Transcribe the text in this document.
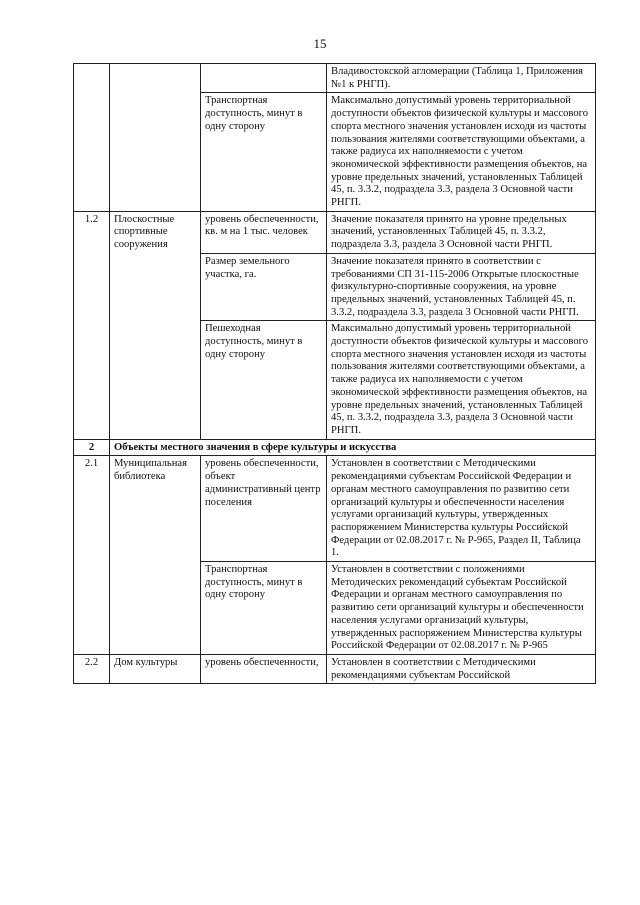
15
			Владивостокской агломерации (Таблица 1, Приложения №1 к РНГП).
		Транспортная доступность, минут в одну сторону	Максимально допустимый уровень территориальной доступности объектов физической культуры и массового спорта местного значения установлен исходя из частоты пользования жителями соответствующими объектами, а также радиуса их наполняемости с учетом экономической эффективности размещения объектов, на уровне предельных значений, установленных Таблицей 45, п. 3.3.2, подраздела 3.3, раздела 3 Основной части РНГП.
1.2	Плоскостные спортивные сооружения	уровень обеспеченности, кв. м на 1 тыс. человек	Значение показателя принято на уровне предельных значений, установленных Таблицей 45, п. 3.3.2, подраздела 3.3, раздела 3 Основной части РНГП.
		Размер земельного участка, га.	Значение показателя принято в соответствии с требованиями СП 31-115-2006 Открытые плоскостные физкультурно-спортивные сооружения, на уровне предельных значений, установленных Таблицей 45, п. 3.3.2, подраздела 3.3, раздела 3 Основной части РНГП.
		Пешеходная доступность, минут в одну сторону	Максимально допустимый уровень территориальной доступности объектов физической культуры и массового спорта местного значения установлен исходя из частоты пользования жителями соответствующими объектами, а также радиуса их наполняемости с учетом экономической эффективности размещения объектов, на уровне предельных значений, установленных Таблицей 45, п. 3.3.2, подраздела 3.3, раздела 3 Основной части РНГП.
2	Объекты местного значения в сфере культуры и искусства		
2.1	Муниципальная библиотека	уровень обеспеченности, объект административный центр поселения	Установлен в соответствии с Методическими рекомендациями субъектам Российской Федерации и органам местного самоуправления по развитию сети организаций культуры и обеспеченности населения услугами организаций культуры, утвержденных распоряжением Министерства культуры Российской Федерации от 02.08.2017 г. № Р-965, Раздел II, Таблица 1.
		Транспортная доступность, минут в одну сторону	Установлен в соответствии с положениями Методических рекомендаций субъектам Российской Федерации и органам местного самоуправления по развитию сети организаций культуры и обеспеченности населения услугами организаций культуры, утвержденных распоряжением Министерства культуры Российской Федерации от 02.08.2017 г. № Р-965
2.2	Дом культуры	уровень обеспеченности,	Установлен в соответствии с Методическими рекомендациями субъектам Российской
